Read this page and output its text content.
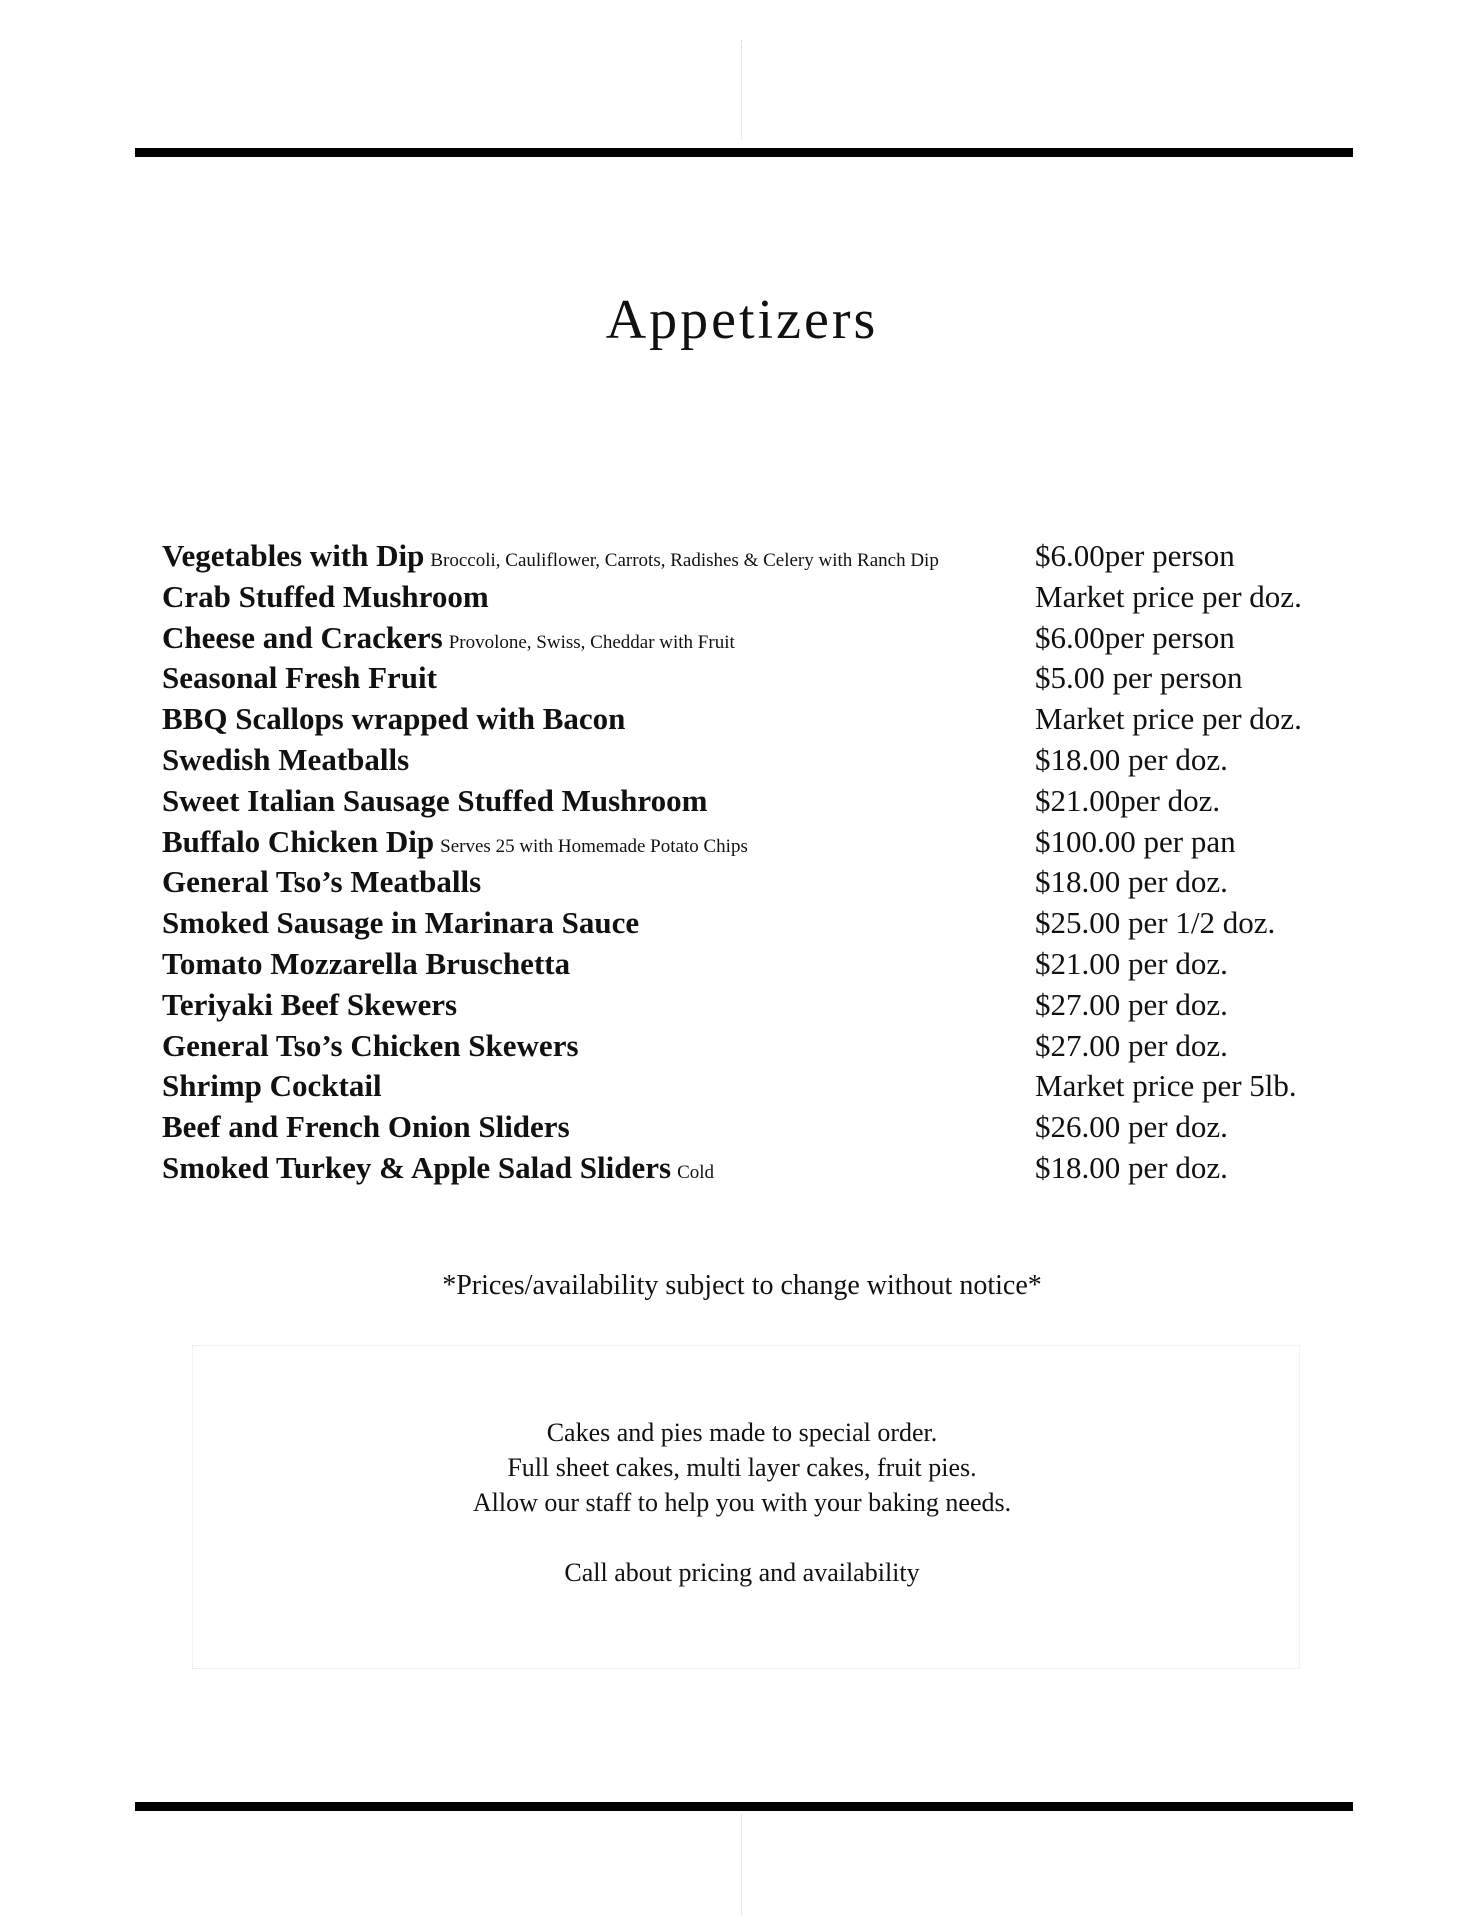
Appetizers
Vegetables with Dip Broccoli, Cauliflower, Carrots, Radishes & Celery with Ranch Dip	$6.00per person
Crab Stuffed Mushroom	Market price per doz.
Cheese and Crackers Provolone, Swiss, Cheddar with Fruit	$6.00per person
Seasonal Fresh Fruit	$5.00 per person
BBQ Scallops wrapped with Bacon	Market price per doz.
Swedish Meatballs	$18.00 per doz.
Sweet Italian Sausage Stuffed Mushroom	$21.00per doz.
Buffalo Chicken Dip Serves 25 with Homemade Potato Chips	$100.00 per pan
General Tso’s Meatballs	$18.00 per doz.
Smoked Sausage in Marinara Sauce	$25.00 per 1/2 doz.
Tomato Mozzarella Bruschetta	$21.00 per doz.
Teriyaki Beef Skewers	$27.00 per doz.
General Tso’s Chicken Skewers	$27.00 per doz.
Shrimp Cocktail	Market price per 5lb.
Beef and French Onion Sliders	$26.00 per doz.
Smoked Turkey & Apple Salad Sliders Cold	$18.00 per doz.
*Prices/availability subject to change without notice*
Cakes and pies made to special order.
Full sheet cakes, multi layer cakes, fruit pies.
Allow our staff to help you with your baking needs.
Call about pricing and availability
